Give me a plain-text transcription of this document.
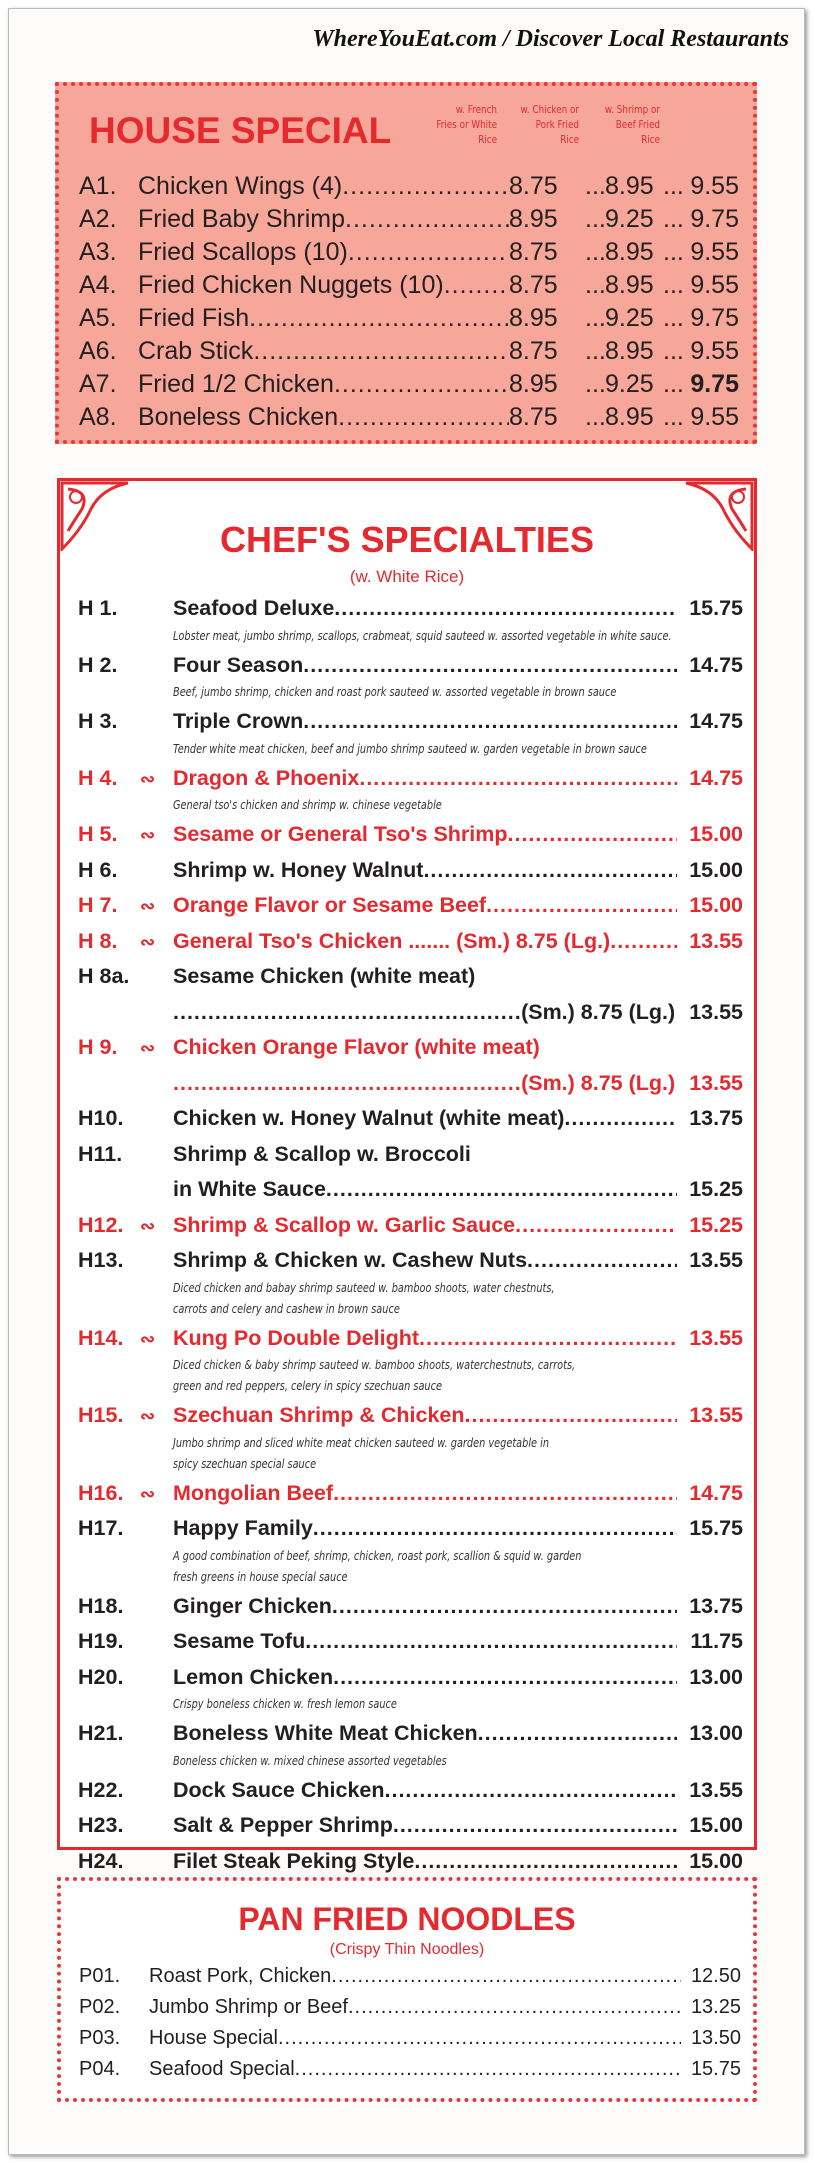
WhereYouEat.com / Discover Local Restaurants
HOUSE SPECIAL
w. French Fries or White Rice
w. Chicken or Pork Fried Rice
w. Shrimp or Beef Fried Rice
A1. Chicken Wings (4) .....	8.75 ....	8.95 ....	9.55
A2. Fried Baby Shrimp .....	8.95 ....	9.25 ....	9.75
A3. Fried Scallops (10) .....	8.75 ....	8.95 ....	9.55
A4. Fried Chicken Nuggets (10) .....	8.75 ....	8.95 ....	9.55
A5. Fried Fish .....	8.95 ....	9.25 ....	9.75
A6. Crab Stick .....	8.75 ....	8.95 ....	9.55
A7. Fried 1/2 Chicken .....	8.95 ....	9.25 ....	9.75
A8. Boneless Chicken .....	8.75 ....	8.95 ....	9.55
CHEF'S SPECIALTIES
(w. White Rice)
H 1.	Seafood Deluxe .....	15.75
Lobster meat, jumbo shrimp, scallops, crabmeat, squid sauteed w. assorted vegetable in white sauce.
H 2.	Four Season .....	14.75
Beef, jumbo shrimp, chicken and roast pork sauteed w. assorted vegetable in brown sauce
H 3.	Triple Crown .....	14.75
Tender white meat chicken, beef and jumbo shrimp sauteed w. garden vegetable in brown sauce
H 4.	∾ Dragon & Phoenix .....	14.75
General tso's chicken and shrimp w. chinese vegetable
H 5.	∾ Sesame or General Tso's Shrimp .....	15.00
H 6.	Shrimp w. Honey Walnut .....	15.00
H 7.	∾ Orange Flavor or Sesame Beef .....	15.00
H 8.	∾ General Tso's Chicken ....... (Sm.) 8.75 (Lg.) .....	13.55
H 8a.	Sesame Chicken (white meat)
.....
(Sm.) 8.75 (Lg.) 13.55
H 9.	∾ Chicken Orange Flavor (white meat)
.....
(Sm.) 8.75 (Lg.) 13.55
H10.	Chicken w. Honey Walnut (white meat) .....	13.75
H11.	Shrimp & Scallop w. Broccoli
in White Sauce .....	15.25
H12. ∾ Shrimp & Scallop w. Garlic Sauce .....	15.25
H13.	Shrimp & Chicken w. Cashew Nuts .....	13.55
Diced chicken and babay shrimp sauteed w. bamboo shoots, water chestnuts,
carrots and celery and cashew in brown sauce
H14. ∾ Kung Po Double Delight .....	13.55
Diced chicken & baby shrimp sauteed w. bamboo shoots, waterchestnuts, carrots,
green and red peppers, celery in spicy szechuan sauce
H15. ∾ Szechuan Shrimp & Chicken .....	13.55
Jumbo shrimp and sliced white meat chicken sauteed w. garden vegetable in
spicy szechuan special sauce
H16. ∾ Mongolian Beef .....	14.75
H17.	Happy Family .....	15.75
A good combination of beef, shrimp, chicken, roast pork, scallion & squid w. garden
fresh greens in house special sauce
H18.	Ginger Chicken .....	13.75
H19.	Sesame Tofu .....	11.75
H20.	Lemon Chicken .....	13.00
Crispy boneless chicken w. fresh lemon sauce
H21.	Boneless White Meat Chicken .....	13.00
Boneless chicken w. mixed chinese assorted vegetables
H22.	Dock Sauce Chicken .....	13.55
H23.	Salt & Pepper Shrimp .....	15.00
H24.	Filet Steak Peking Style .....	15.00
PAN FRIED NOODLES
(Crispy Thin Noodles)
P01.	Roast Pork, Chicken .....	12.50
P02.	Jumbo Shrimp or Beef .....	13.25
P03.	House Special .....	13.50
P04.	Seafood Special .....	15.75
